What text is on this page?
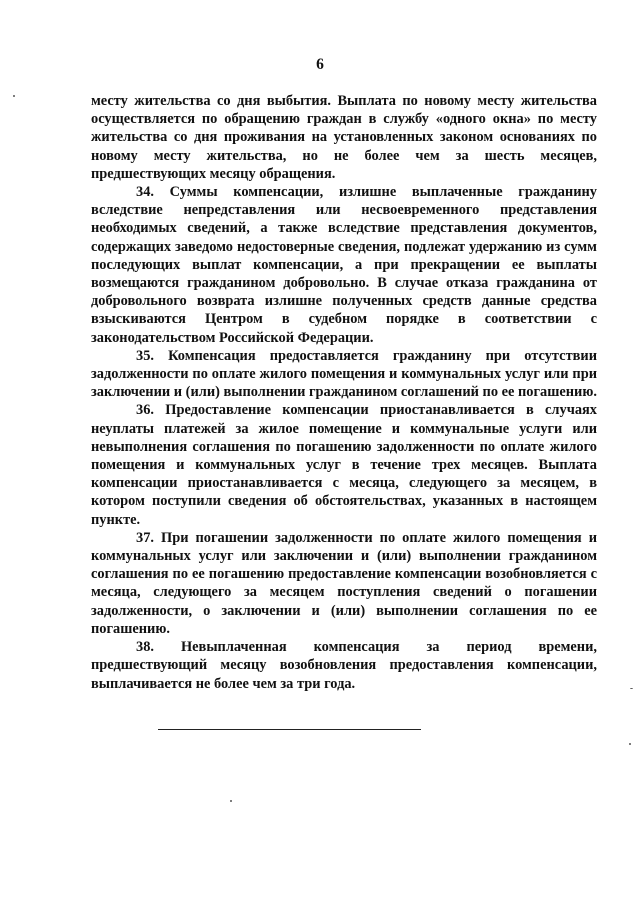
6

месту жительства со дня выбытия. Выплата по новому месту жительства осуществляется по обращению граждан в службу «одного окна» по месту жительства со дня проживания на установленных законом основаниях по новому месту жительства, но не более чем за шесть месяцев, предшествующих месяцу обращения.

34. Суммы компенсации, излишне выплаченные гражданину вследствие непредставления или несвоевременного представления необходимых сведений, а также вследствие представления документов, содержащих заведомо недостоверные сведения, подлежат удержанию из сумм последующих выплат компенсации, а при прекращении ее выплаты возмещаются гражданином добровольно. В случае отказа гражданина от добровольного возврата излишне полученных средств данные средства взыскиваются Центром в судебном порядке в соответствии с законодательством Российской Федерации.

35. Компенсация предоставляется гражданину при отсутствии задолженности по оплате жилого помещения и коммунальных услуг или при заключении и (или) выполнении гражданином соглашений по ее погашению.

36. Предоставление компенсации приостанавливается в случаях неуплаты платежей за жилое помещение и коммунальные услуги или невыполнения соглашения по погашению задолженности по оплате жилого помещения и коммунальных услуг в течение трех месяцев. Выплата компенсации приостанавливается с месяца, следующего за месяцем, в котором поступили сведения об обстоятельствах, указанных в настоящем пункте.

37. При погашении задолженности по оплате жилого помещения и коммунальных услуг или заключении и (или) выполнении гражданином соглашения по ее погашению предоставление компенсации возобновляется с месяца, следующего за месяцем поступления сведений о погашении задолженности, о заключении и (или) выполнении соглашения по ее погашению.

38. Невыплаченная компенсация за период времени, предшествующий месяцу возобновления предоставления компенсации, выплачивается не более чем за три года.
